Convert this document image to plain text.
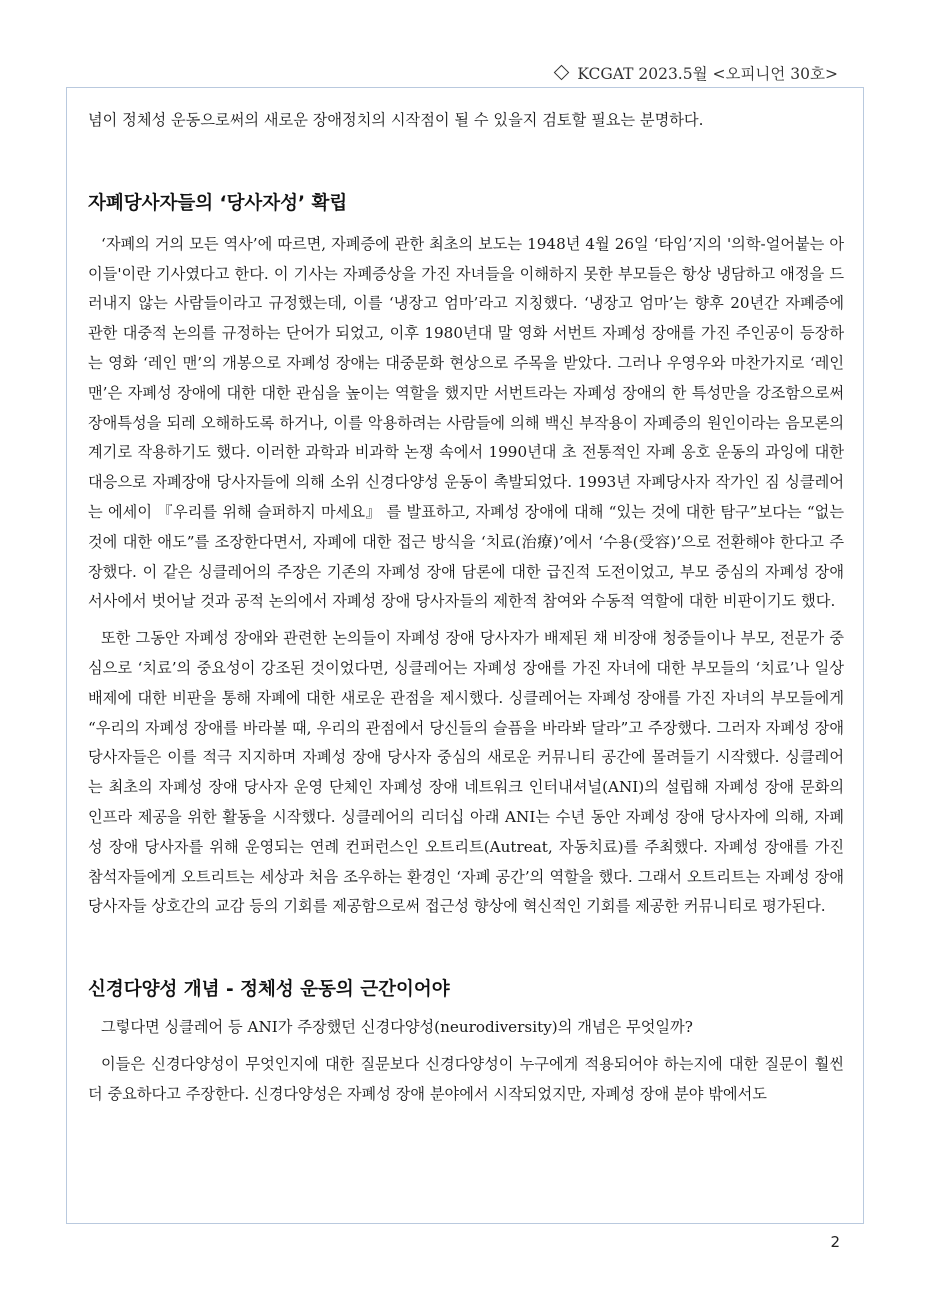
KCGAT 2023.5월 <오피니언 30호>

념이 정체성 운동으로써의 새로운 장애정치의 시작점이 될 수 있을지 검토할 필요는 분명하다.

자폐당사자들의 ‘당사자성’ 확립

‘자폐의 거의 모든 역사’에 따르면, 자폐증에 관한 최초의 보도는 1948년 4월 26일 ‘타임’지의 '의학-얼어붙는 아이들'이란 기사였다고 한다. 이 기사는 자폐증상을 가진 자녀들을 이해하지 못한 부모들은 항상 냉담하고 애정을 드러내지 않는 사람들이라고 규정했는데, 이를 ‘냉장고 엄마’라고 지칭했다. ‘냉장고 엄마’는 향후 20년간 자폐증에 관한 대중적 논의를 규정하는 단어가 되었고, 이후 1980년대 말 영화 서번트 자폐성 장애를 가진 주인공이 등장하는 영화 ‘레인 맨’의 개봉으로 자폐성 장애는 대중문화 현상으로 주목을 받았다. 그러나 우영우와 마찬가지로 ‘레인 맨’은 자폐성 장애에 대한 대한 관심을 높이는 역할을 했지만 서번트라는 자폐성 장애의 한 특성만을 강조함으로써 장애특성을 되레 오해하도록 하거나, 이를 악용하려는 사람들에 의해 백신 부작용이 자폐증의 원인이라는 음모론의 계기로 작용하기도 했다. 이러한 과학과 비과학 논쟁 속에서 1990년대 초 전통적인 자폐 옹호 운동의 과잉에 대한 대응으로 자폐장애 당사자들에 의해 소위 신경다양성 운동이 촉발되었다. 1993년 자폐당사자 작가인 짐 싱클레어는 에세이 『우리를 위해 슬퍼하지 마세요』 를 발표하고, 자폐성 장애에 대해 “있는 것에 대한 탐구”보다는 “없는 것에 대한 애도”를 조장한다면서, 자폐에 대한 접근 방식을 ‘치료(治療)’에서 ‘수용(受容)’으로 전환해야 한다고 주장했다. 이 같은 싱클레어의 주장은 기존의 자폐성 장애 담론에 대한 급진적 도전이었고, 부모 중심의 자폐성 장애 서사에서 벗어날 것과 공적 논의에서 자폐성 장애 당사자들의 제한적 참여와 수동적 역할에 대한 비판이기도 했다.

또한 그동안 자폐성 장애와 관련한 논의들이 자폐성 장애 당사자가 배제된 채 비장애 청중들이나 부모, 전문가 중심으로 ‘치료’의 중요성이 강조된 것이었다면, 싱클레어는 자폐성 장애를 가진 자녀에 대한 부모들의 ‘치료’나 일상 배제에 대한 비판을 통해 자폐에 대한 새로운 관점을 제시했다. 싱클레어는 자폐성 장애를 가진 자녀의 부모들에게 “우리의 자폐성 장애를 바라볼 때, 우리의 관점에서 당신들의 슬픔을 바라봐 달라”고 주장했다. 그러자 자폐성 장애 당사자들은 이를 적극 지지하며 자폐성 장애 당사자 중심의 새로운 커뮤니티 공간에 몰려들기 시작했다. 싱클레어는 최초의 자폐성 장애 당사자 운영 단체인 자폐성 장애 네트워크 인터내셔널(ANI)의 설립해 자폐성 장애 문화의 인프라 제공을 위한 활동을 시작했다. 싱클레어의 리더십 아래 ANI는 수년 동안 자폐성 장애 당사자에 의해, 자폐성 장애 당사자를 위해 운영되는 연례 컨퍼런스인 오트리트(Autreat, 자동치료)를 주최했다. 자폐성 장애를 가진 참석자들에게 오트리트는 세상과 처음 조우하는 환경인 ‘자폐 공간’의 역할을 했다. 그래서 오트리트는 자폐성 장애 당사자들 상호간의 교감 등의 기회를 제공함으로써 접근성 향상에 혁신적인 기회를 제공한 커뮤니티로 평가된다.

신경다양성 개념 - 정체성 운동의 근간이어야

그렇다면 싱클레어 등 ANI가 주장했던 신경다양성(neurodiversity)의 개념은 무엇일까?

이들은 신경다양성이 무엇인지에 대한 질문보다 신경다양성이 누구에게 적용되어야 하는지에 대한 질문이 훨씬 더 중요하다고 주장한다. 신경다양성은 자폐성 장애 분야에서 시작되었지만, 자폐성 장애 분야 밖에서도

2
